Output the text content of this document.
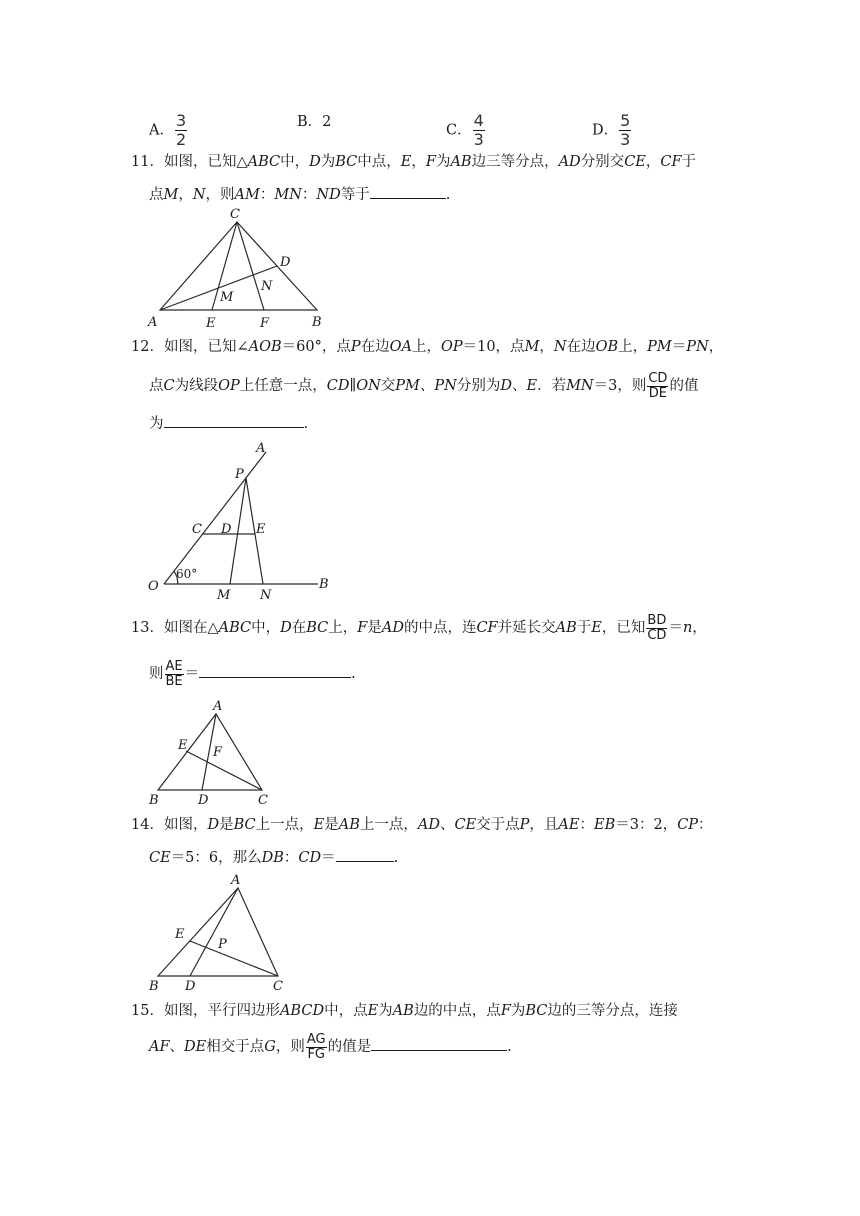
A． $\frac{3}{2}$	B．2
C． $\frac{4}{3}$	D． $\frac{5}{3}$
11．如图，已知△ABC中，D为BC中点，E，F为AB边三等分点，AD分别交CE，CF于
点M，N，则AM：MN：ND等于	.
C
D
N
M
A	E	F	B
12．如图，已知∠AOB＝60°，点P在边OA上，OP＝10，点M，N在边OB上，PM＝PN，
点C为线段OP上任意一点，CD∥ON交PM、PN分别为D、E．若MN＝3，则 $\frac{CD}{DE}$ 的值
为	.
A
P
C D E
O
60°
M N
B
13．如图在△ABC中，D在BC上，F是AD的中点，连CF并延长交AB于E，已知 $\frac{BD}{CD} =n$，
则 $\frac{AE}{BE}$ ＝	.
A
E F
B	D	C
14．如图，D是BC上一点，E是AB上一点，AD、CE交于点P，且AE：EB＝3：2，CP：
CE＝5：6，那么DB：CD＝	.
A
E
P
B D	C
15．如图，平行四边形ABCD中，点E为AB边的中点，点F为BC边的三等分点，连接
AF、DE相交于点G，则 $\frac{AG}{FG}$ 的值是	.
